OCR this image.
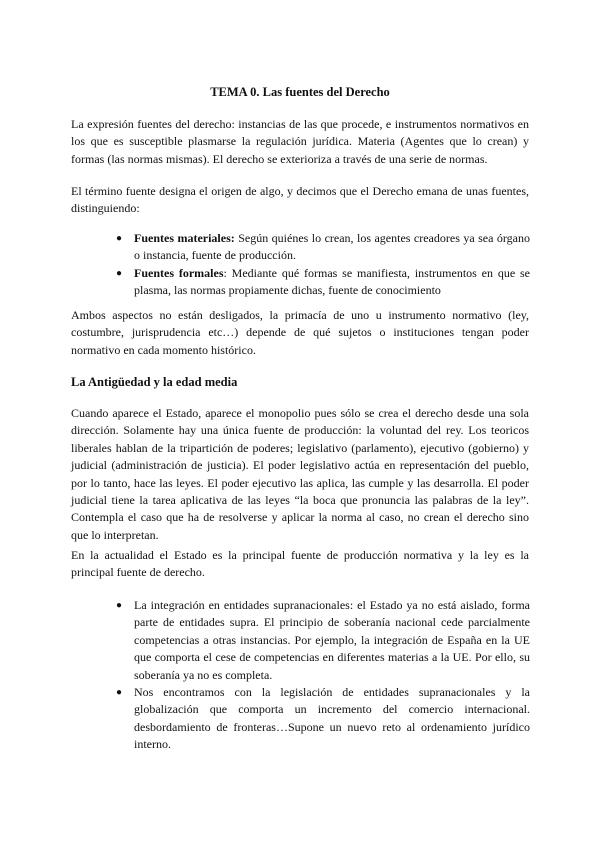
TEMA 0. Las fuentes del Derecho

La expresión fuentes del derecho: instancias de las que procede, e instrumentos normativos en los que es susceptible plasmarse la regulación jurídica. Materia (Agentes que lo crean) y formas (las normas mismas). El derecho se exterioriza a través de una serie de normas.

El término fuente designa el origen de algo, y decimos que el Derecho emana de unas fuentes, distinguiendo:

● Fuentes materiales: Según quiénes lo crean, los agentes creadores ya sea órgano o instancia, fuente de producción.
● Fuentes formales: Mediante qué formas se manifiesta, instrumentos en que se plasma, las normas propiamente dichas, fuente de conocimiento

Ambos aspectos no están desligados, la primacía de uno u instrumento normativo (ley, costumbre, jurisprudencia etc…) depende de qué sujetos o instituciones tengan poder normativo en cada momento histórico.

La Antigüedad y la edad media

Cuando aparece el Estado, aparece el monopolio pues sólo se crea el derecho desde una sola dirección. Solamente hay una única fuente de producción: la voluntad del rey. Los teoricos liberales hablan de la tripartición de poderes; legislativo (parlamento), ejecutivo (gobierno) y judicial (administración de justicia). El poder legislativo actúa en representación del pueblo, por lo tanto, hace las leyes. El poder ejecutivo las aplica, las cumple y las desarrolla. El poder judicial tiene la tarea aplicativa de las leyes “la boca que pronuncia las palabras de la ley”. Contempla el caso que ha de resolverse y aplicar la norma al caso, no crean el derecho sino que lo interpretan.

En la actualidad el Estado es la principal fuente de producción normativa y la ley es la principal fuente de derecho.

● La integración en entidades supranacionales: el Estado ya no está aislado, forma parte de entidades supra. El principio de soberanía nacional cede parcialmente competencias a otras instancias. Por ejemplo, la integración de España en la UE que comporta el cese de competencias en diferentes materias a la UE. Por ello, su soberanía ya no es completa.
● Nos encontramos con la legislación de entidades supranacionales y la globalización que comporta un incremento del comercio internacional. desbordamiento de fronteras…Supone un nuevo reto al ordenamiento jurídico interno.
